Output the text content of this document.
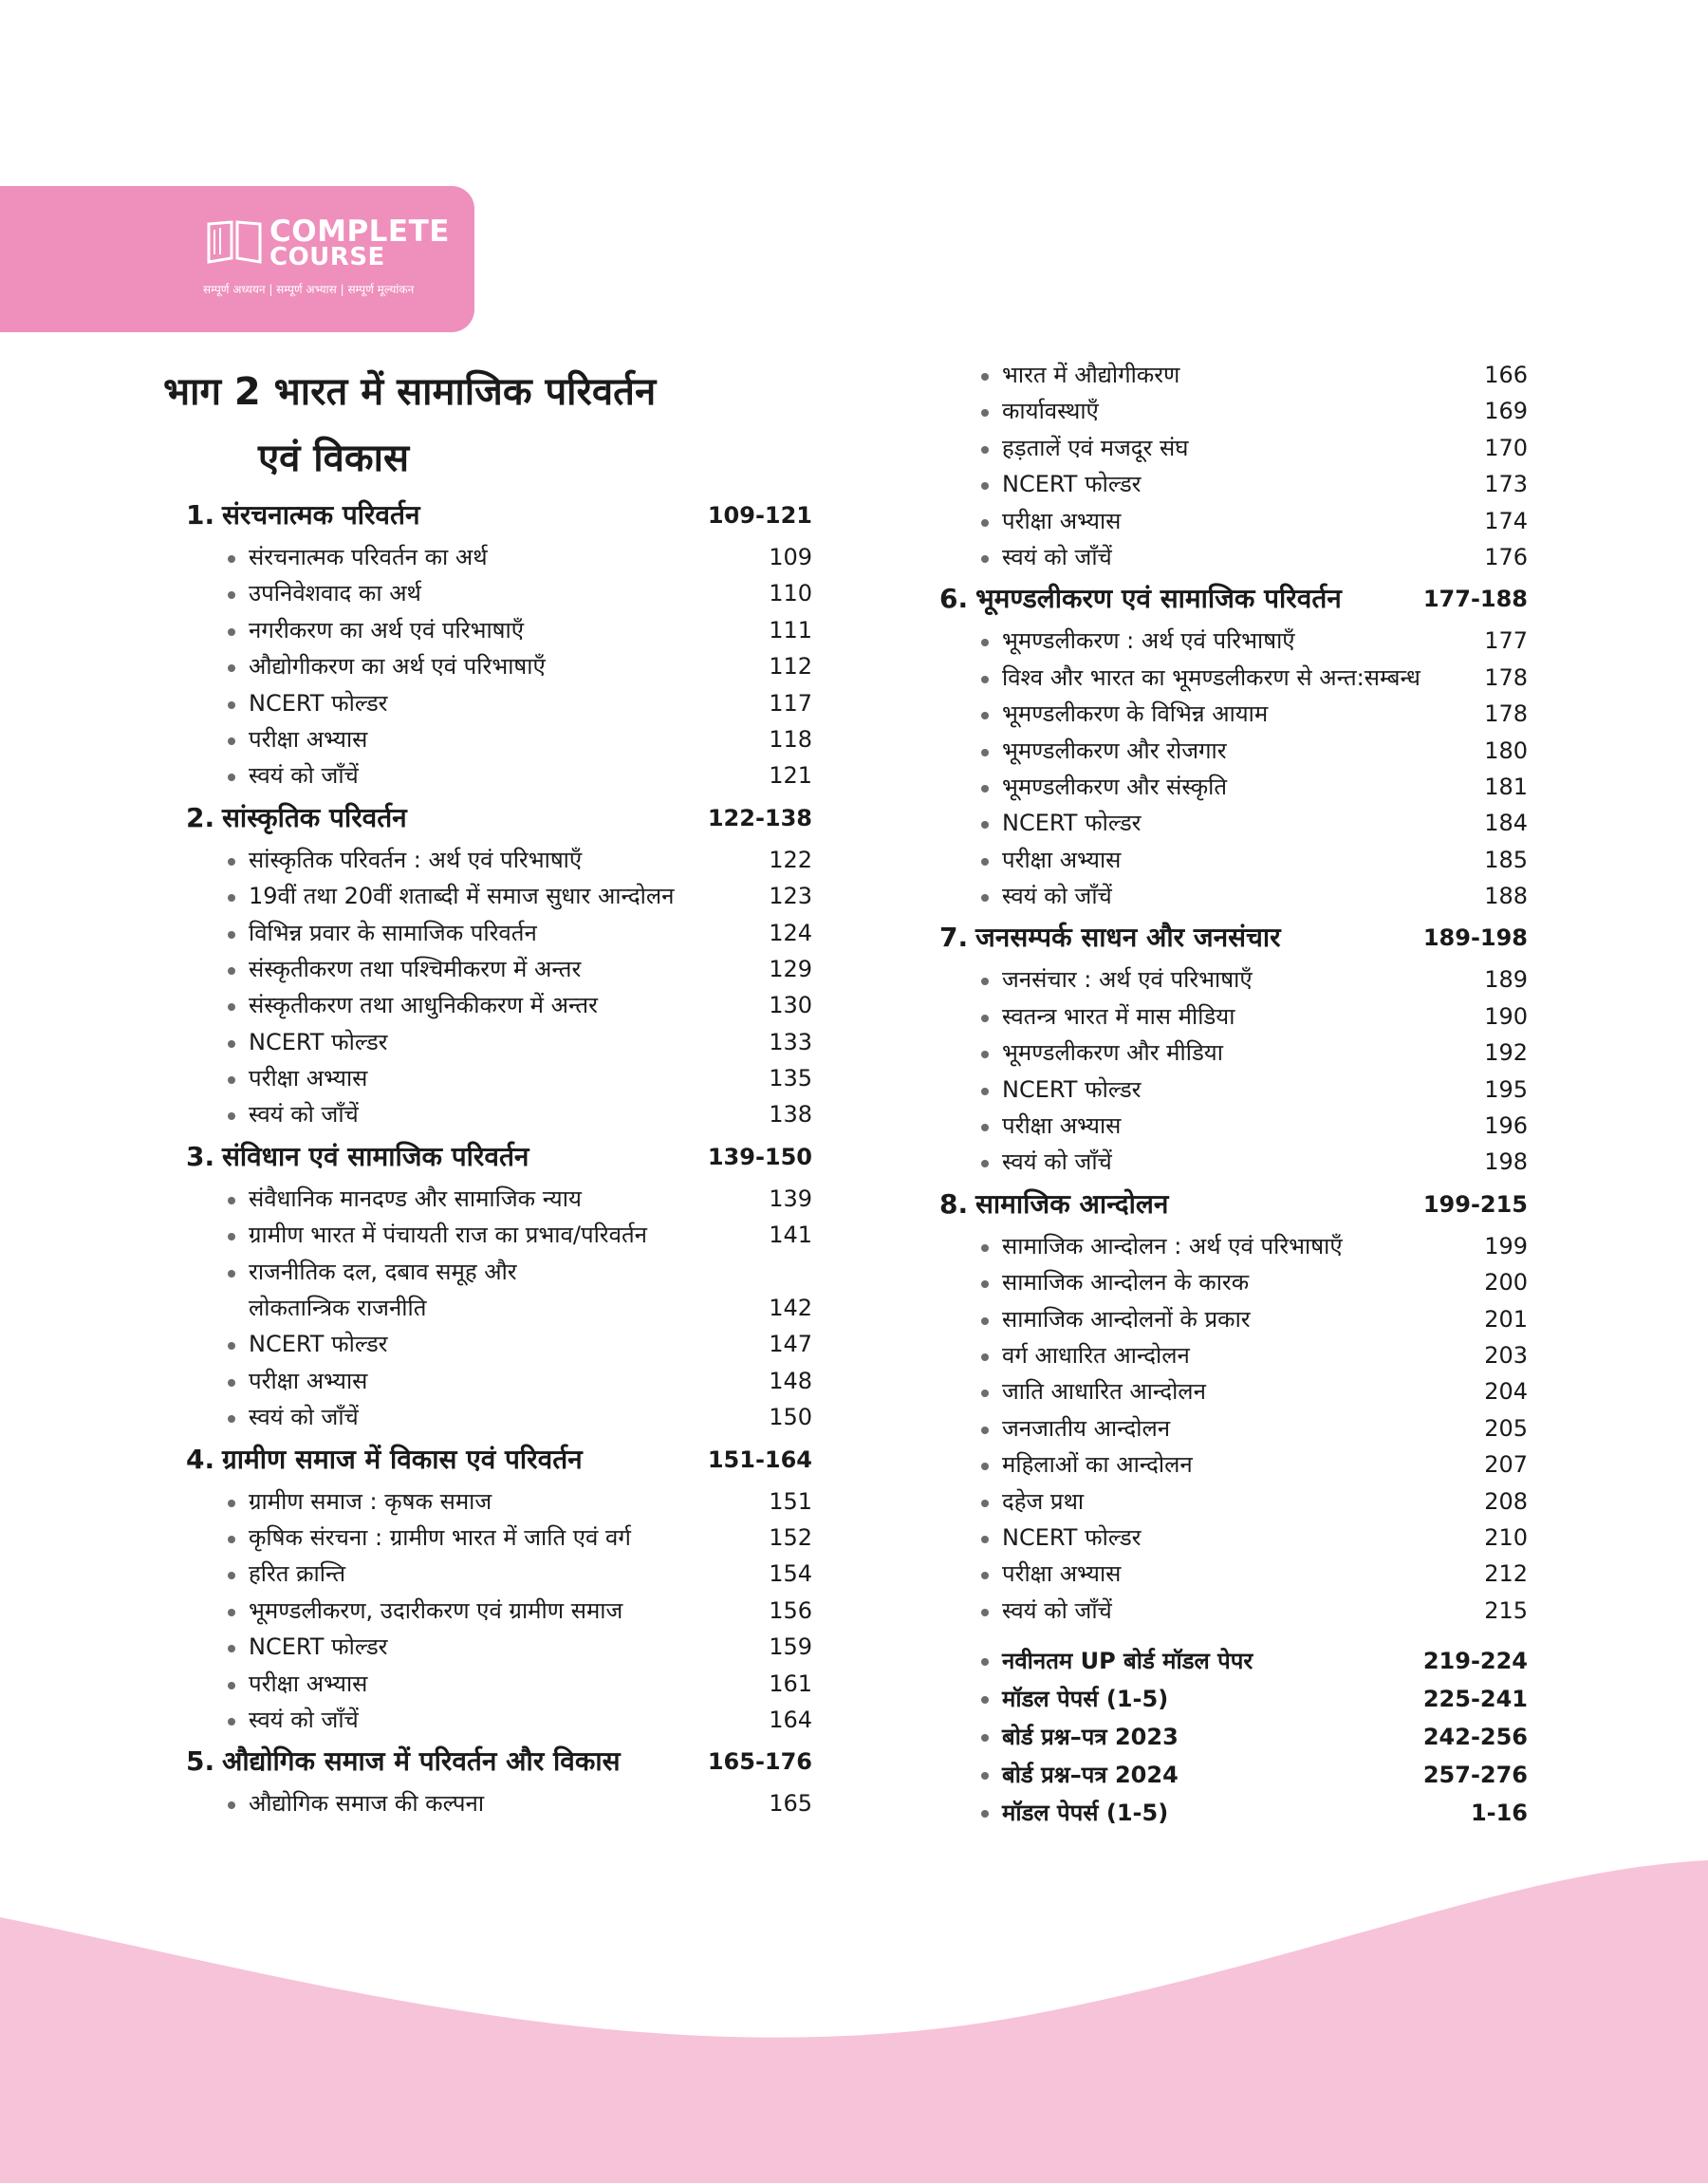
COMPLETE
COURSE
सम्पूर्ण अध्ययन | सम्पूर्ण अभ्यास | सम्पूर्ण मूल्यांकन
भाग 2 भारत में सामाजिक परिवर्तन
एवं विकास
1. संरचनात्मक परिवर्तन	109-121
संरचनात्मक परिवर्तन का अर्थ	109
उपनिवेशवाद का अर्थ	110
नगरीकरण का अर्थ एवं परिभाषाएँ	111
औद्योगीकरण का अर्थ एवं परिभाषाएँ	112
NCERT फोल्डर	117
परीक्षा अभ्यास	118
स्वयं को जाँचें	121
2. सांस्कृतिक परिवर्तन	122-138
सांस्कृतिक परिवर्तन : अर्थ एवं परिभाषाएँ	122
19वीं तथा 20वीं शताब्दी में समाज सुधार आन्दोलन	123
विभिन्न प्रवार के सामाजिक परिवर्तन	124
संस्कृतीकरण तथा पश्चिमीकरण में अन्तर	129
संस्कृतीकरण तथा आधुनिकीकरण में अन्तर	130
NCERT फोल्डर	133
परीक्षा अभ्यास	135
स्वयं को जाँचें	138
3. संविधान एवं सामाजिक परिवर्तन	139-150
संवैधानिक मानदण्ड और सामाजिक न्याय	139
ग्रामीण भारत में पंचायती राज का प्रभाव/परिवर्तन	141
राजनीतिक दल, दबाव समूह और
लोकतान्त्रिक राजनीति	142
NCERT फोल्डर	147
परीक्षा अभ्यास	148
स्वयं को जाँचें	150
4. ग्रामीण समाज में विकास एवं परिवर्तन	151-164
ग्रामीण समाज : कृषक समाज	151
कृषिक संरचना : ग्रामीण भारत में जाति एवं वर्ग	152
हरित क्रान्ति	154
भूमण्डलीकरण, उदारीकरण एवं ग्रामीण समाज	156
NCERT फोल्डर	159
परीक्षा अभ्यास	161
स्वयं को जाँचें	164
5. औद्योगिक समाज में परिवर्तन और विकास	165-176
औद्योगिक समाज की कल्पना	165
भारत में औद्योगीकरण	166
कार्यावस्थाएँ	169
हड़तालें एवं मजदूर संघ	170
NCERT फोल्डर	173
परीक्षा अभ्यास	174
स्वयं को जाँचें	176
6. भूमण्डलीकरण एवं सामाजिक परिवर्तन	177-188
भूमण्डलीकरण : अर्थ एवं परिभाषाएँ	177
विश्व और भारत का भूमण्डलीकरण से अन्त:सम्बन्ध	178
भूमण्डलीकरण के विभिन्न आयाम	178
भूमण्डलीकरण और रोजगार	180
भूमण्डलीकरण और संस्कृति	181
NCERT फोल्डर	184
परीक्षा अभ्यास	185
स्वयं को जाँचें	188
7. जनसम्पर्क साधन और जनसंचार	189-198
जनसंचार : अर्थ एवं परिभाषाएँ	189
स्वतन्त्र भारत में मास मीडिया	190
भूमण्डलीकरण और मीडिया	192
NCERT फोल्डर	195
परीक्षा अभ्यास	196
स्वयं को जाँचें	198
8. सामाजिक आन्दोलन	199-215
सामाजिक आन्दोलन : अर्थ एवं परिभाषाएँ	199
सामाजिक आन्दोलन के कारक	200
सामाजिक आन्दोलनों के प्रकार	201
वर्ग आधारित आन्दोलन	203
जाति आधारित आन्दोलन	204
जनजातीय आन्दोलन	205
महिलाओं का आन्दोलन	207
दहेज प्रथा	208
NCERT फोल्डर	210
परीक्षा अभ्यास	212
स्वयं को जाँचें	215
नवीनतम UP बोर्ड मॉडल पेपर	219-224
मॉडल पेपर्स (1-5)	225-241
बोर्ड प्रश्न–पत्र 2023	242-256
बोर्ड प्रश्न–पत्र 2024	257-276
मॉडल पेपर्स (1-5)	1-16
